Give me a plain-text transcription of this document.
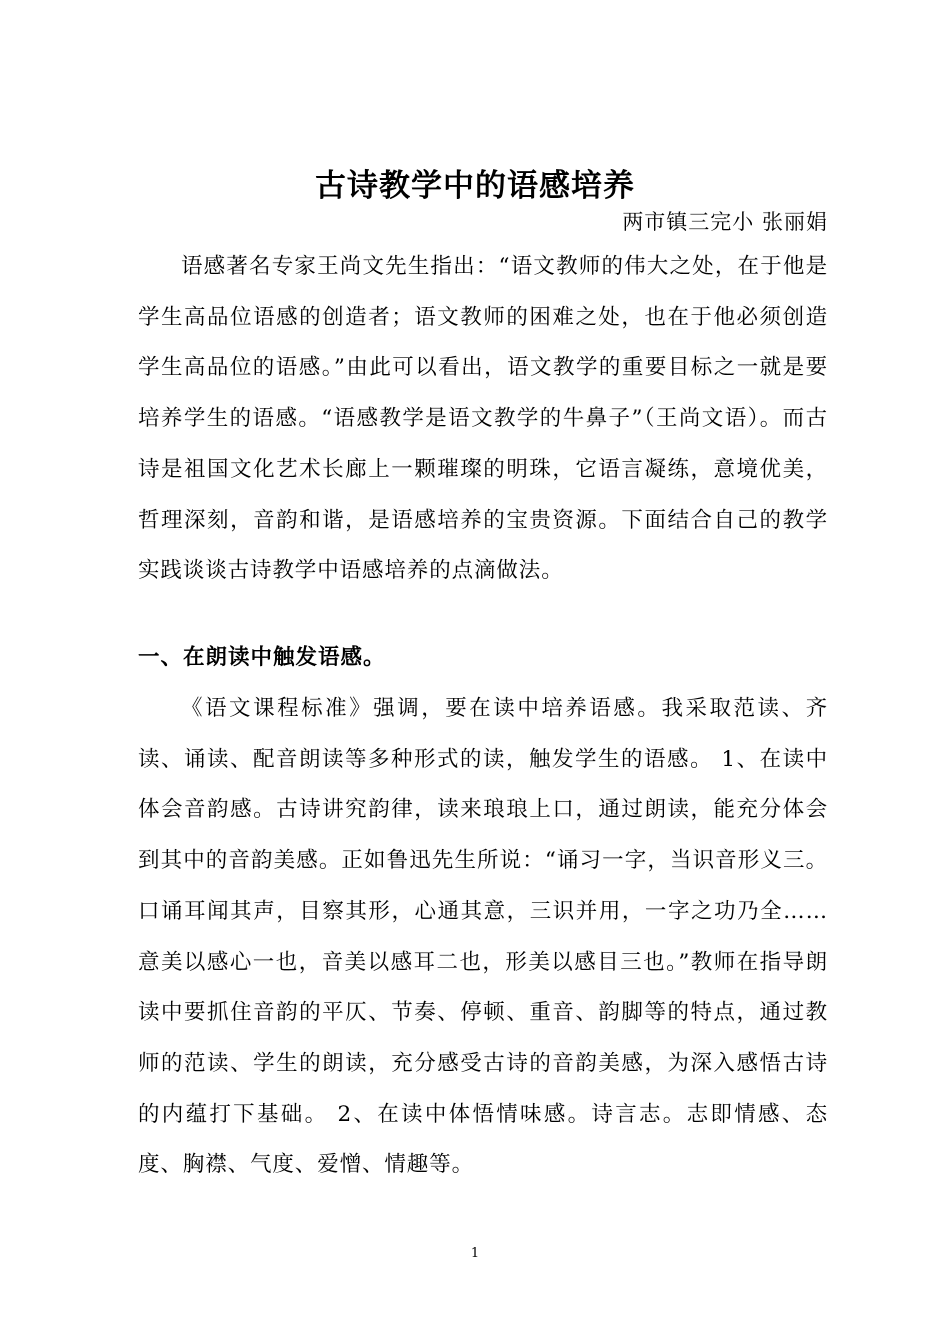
古诗教学中的语感培养
两市镇三完小 张丽娟

语感著名专家王尚文先生指出：“语文教师的伟大之处，在于他是学生高品位语感的创造者；语文教师的困难之处，也在于他必须创造学生高品位的语感。”由此可以看出，语文教学的重要目标之一就是要培养学生的语感。“语感教学是语文教学的牛鼻子”（王尚文语）。而古诗是祖国文化艺术长廊上一颗璀璨的明珠，它语言凝练，意境优美，哲理深刻，音韵和谐，是语感培养的宝贵资源。下面结合自己的教学实践谈谈古诗教学中语感培养的点滴做法。

一、在朗读中触发语感。

《语文课程标准》强调，要在读中培养语感。我采取范读、齐读、诵读、配音朗读等多种形式的读，触发学生的语感。 1、在读中体会音韵感。古诗讲究韵律，读来琅琅上口，通过朗读，能充分体会到其中的音韵美感。正如鲁迅先生所说：“诵习一字，当识音形义三。口诵耳闻其声，目察其形，心通其意，三识并用，一字之功乃全……意美以感心一也，音美以感耳二也，形美以感目三也。”教师在指导朗读中要抓住音韵的平仄、节奏、停顿、重音、韵脚等的特点，通过教师的范读、学生的朗读，充分感受古诗的音韵美感，为深入感悟古诗的内蕴打下基础。 2、在读中体悟情味感。诗言志。志即情感、态度、胸襟、气度、爱憎、情趣等。

1
